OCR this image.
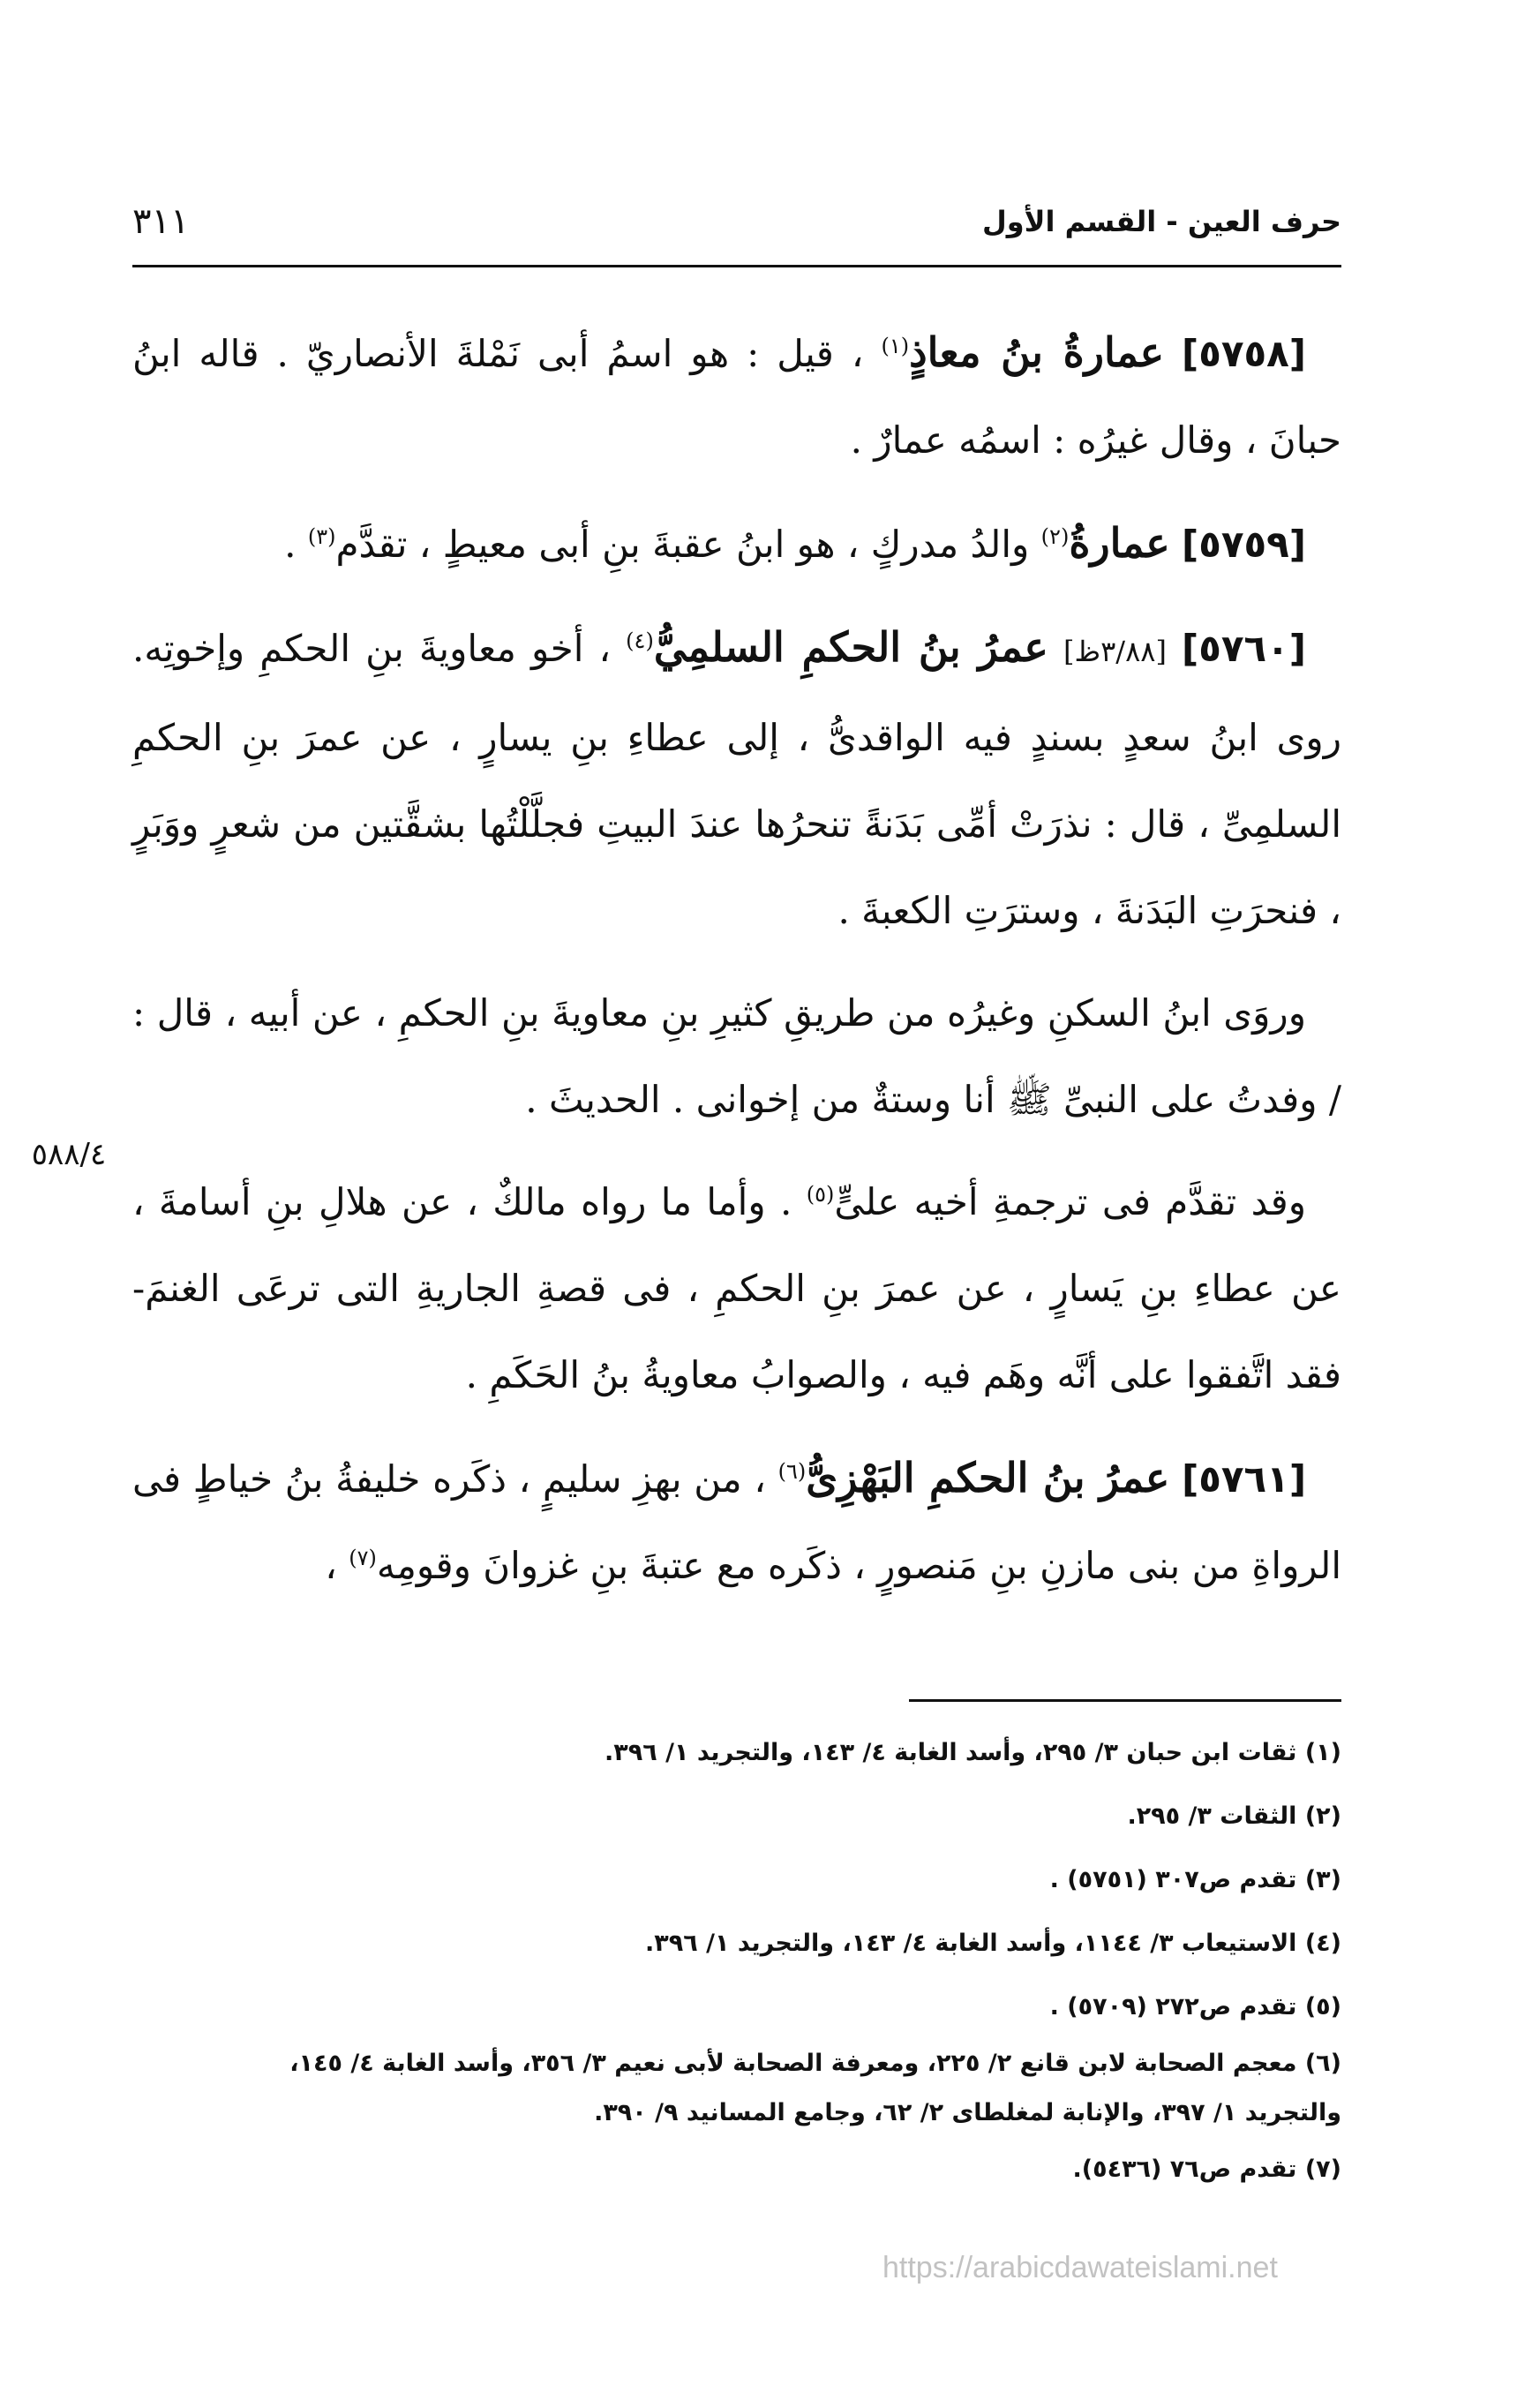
حرف العين - القسم الأول
٣١١
٥٨٨/٤

[٥٧٥٨] عمارةُ بنُ معاذٍ$^{(١)}$ ، قيل : هو اسمُ أبى نَمْلةَ الأنصاريّ . قاله ابنُ حبانَ ، وقال غيرُه : اسمُه عمارٌ .

[٥٧٥٩] عمارةُ$^{(٢)}$ والدُ مدركٍ ، هو ابنُ عقبةَ بنِ أبى معيطٍ ، تقدَّم$^{(٣)}$ .

[٥٧٦٠] [٣/٨٨ظ] عمرُ بنُ الحكمِ السلمِيُّ$^{(٤)}$ ، أخو معاويةَ بنِ الحكمِ وإخوتِه. روى ابنُ سعدٍ بسندٍ فيه الواقدىُّ ، إلى عطاءِ بنِ يسارٍ ، عن عمرَ بنِ الحكمِ السلمِىِّ ، قال : نذرَتْ أمِّى بَدَنةً تنحرُها عندَ البيتِ فجلَّلْتُها بشقَّتين من شعرٍ ووَبَرٍ ، فنحرَتِ البَدَنةَ ، وسترَتِ الكعبةَ .

وروَى ابنُ السكنِ وغيرُه من طريقِ كثيرِ بنِ معاويةَ بنِ الحكمِ ، عن أبيه ، قال : / وفدتُ على النبىِّ ﷺ أنا وستةٌ من إخوانى . الحديثَ .

وقد تقدَّم فى ترجمةِ أخيه علىٍّ$^{(٥)}$ . وأما ما رواه مالكٌ ، عن هلالِ بنِ أسامةَ ، عن عطاءِ بنِ يَسارٍ ، عن عمرَ بنِ الحكمِ ، فى قصةِ الجاريةِ التى ترعَى الغنمَ- فقد اتَّفقوا على أنَّه وهَم فيه ، والصوابُ معاويةُ بنُ الحَكَمِ .

[٥٧٦١] عمرُ بنُ الحكمِ البَهْزِىُّ$^{(٦)}$ ، من بهزِ سليمٍ ، ذكَره خليفةُ بنُ خياطٍ فى الرواةِ من بنى مازنِ بنِ مَنصورٍ ، ذكَره مع عتبةَ بنِ غزوانَ وقومِه$^{(٧)}$ ،

(١) ثقات ابن حبان ٣/ ٢٩٥، وأسد الغابة ٤/ ١٤٣، والتجريد ١/ ٣٩٦.

(٢) الثقات ٣/ ٢٩٥.

(٣) تقدم ص٣٠٧ (٥٧٥١) .

(٤) الاستيعاب ٣/ ١١٤٤، وأسد الغابة ٤/ ١٤٣، والتجريد ١/ ٣٩٦.

(٥) تقدم ص٢٧٢ (٥٧٠٩) .

(٦) معجم الصحابة لابن قانع ٢/ ٢٢٥، ومعرفة الصحابة لأبى نعيم ٣/ ٣٥٦، وأسد الغابة ٤/ ١٤٥،

والتجريد ١/ ٣٩٧، والإنابة لمغلطاى ٢/ ٦٢، وجامع المسانيد ٩/ ٣٩٠.

(٧) تقدم ص٧٦ (٥٤٣٦).

https://arabicdawateislami.net
